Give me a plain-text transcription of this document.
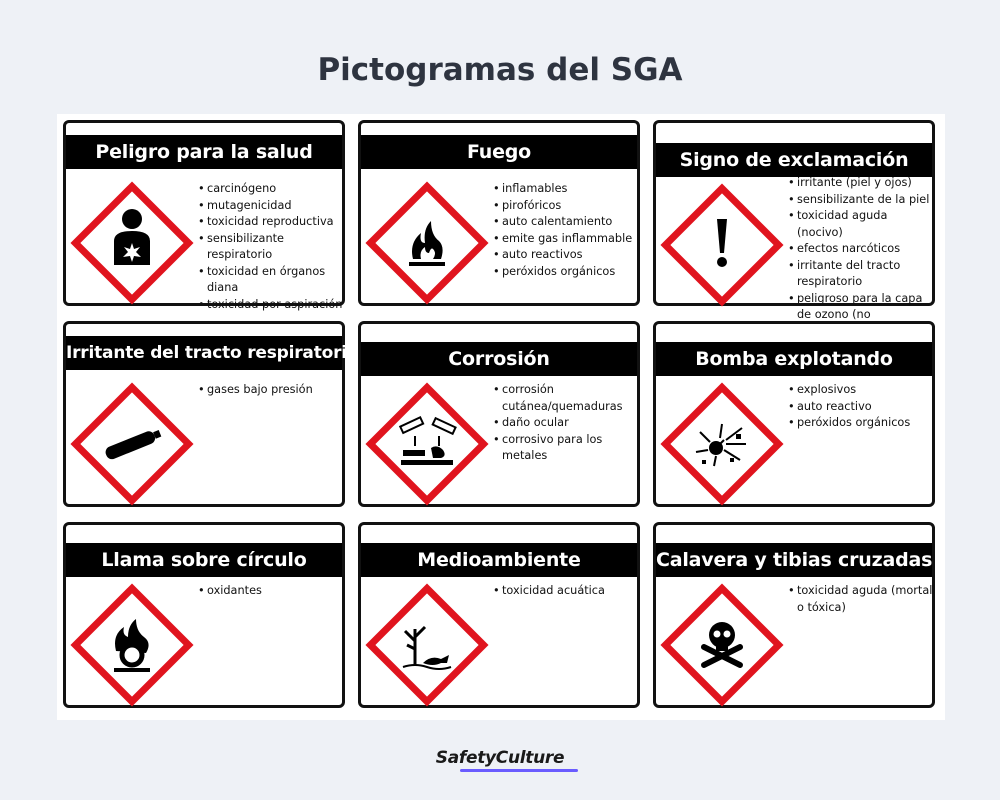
Pictogramas del SGA
Peligro para la salud
• carcinógeno
• mutagenicidad
• toxicidad reproductiva
• sensibilizante respiratorio
• toxicidad en órganos diana
• toxicidad por aspiración
Fuego
• inflamables
• pirofóricos
• auto calentamiento
• emite gas inflammable
• auto reactivos
• peróxidos orgánicos
Signo de exclamación
• irritante (piel y ojos)
• sensibilizante de la piel
• toxicidad aguda (nocivo)
• efectos narcóticos
• irritante del tracto respiratorio
• peligroso para la capa de ozono (no
Irritante del tracto respiratorio
• gases bajo presión
Corrosión
• corrosión cutánea/quemaduras
• daño ocular
• corrosivo para los metales
Bomba explotando
• explosivos
• auto reactivo
• peróxidos orgánicos
Llama sobre círculo
• oxidantes
Medioambiente
• toxicidad acuática
Calavera y tibias cruzadas
• toxicidad aguda (mortal o tóxica)
SafetyCulture
